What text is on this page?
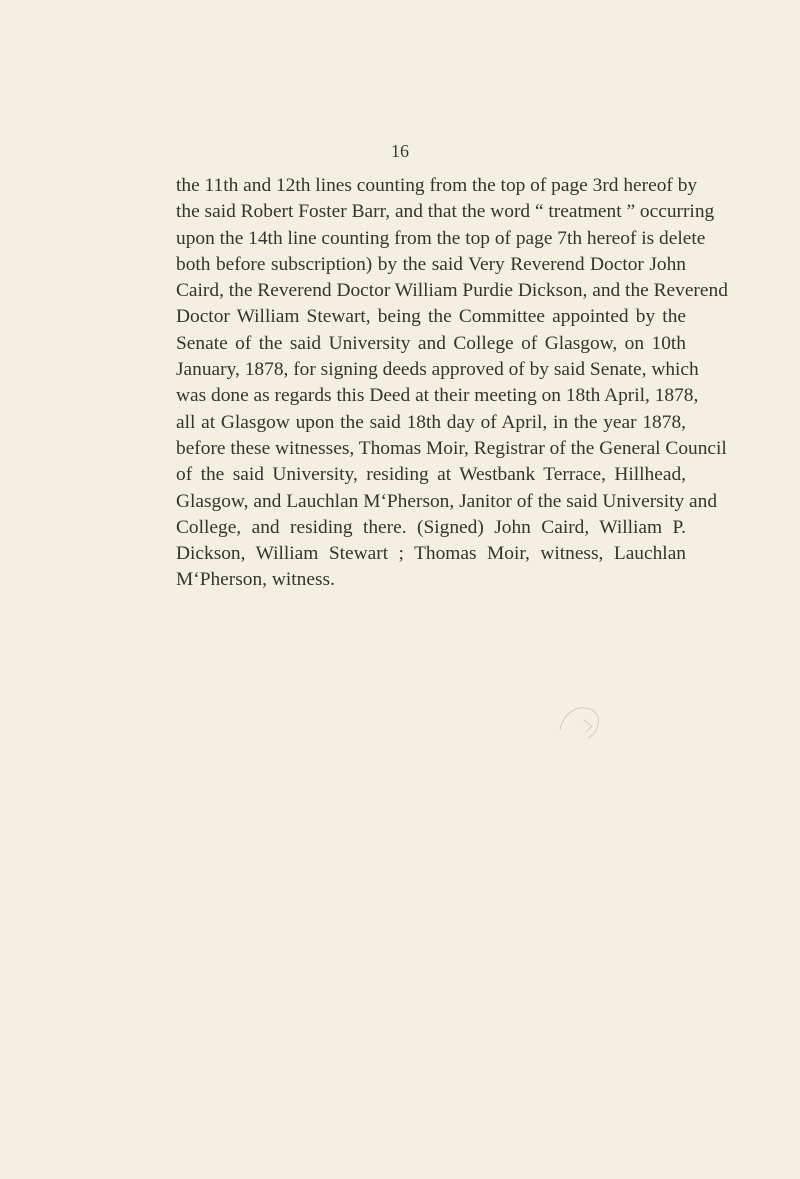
16
the 11th and 12th lines counting from the top of page 3rd hereof by
the said Robert Foster Barr, and that the word “ treatment ” occurring
upon the 14th line counting from the top of page 7th hereof is delete
both before subscription) by the said Very Reverend Doctor John
Caird, the Reverend Doctor William Purdie Dickson, and the Reverend
Doctor William Stewart, being the Committee appointed by the
Senate of the said University and College of Glasgow, on 10th
January, 1878, for signing deeds approved of by said Senate, which
was done as regards this Deed at their meeting on 18th April, 1878,
all at Glasgow upon the said 18th day of April, in the year 1878,
before these witnesses, Thomas Moir, Registrar of the General Council
of the said University, residing at Westbank Terrace, Hillhead,
Glasgow, and Lauchlan M‘Pherson, Janitor of the said University and
College, and residing there. (Signed) John Caird, William P.
Dickson, William Stewart ; Thomas Moir, witness, Lauchlan
M‘Pherson, witness.
